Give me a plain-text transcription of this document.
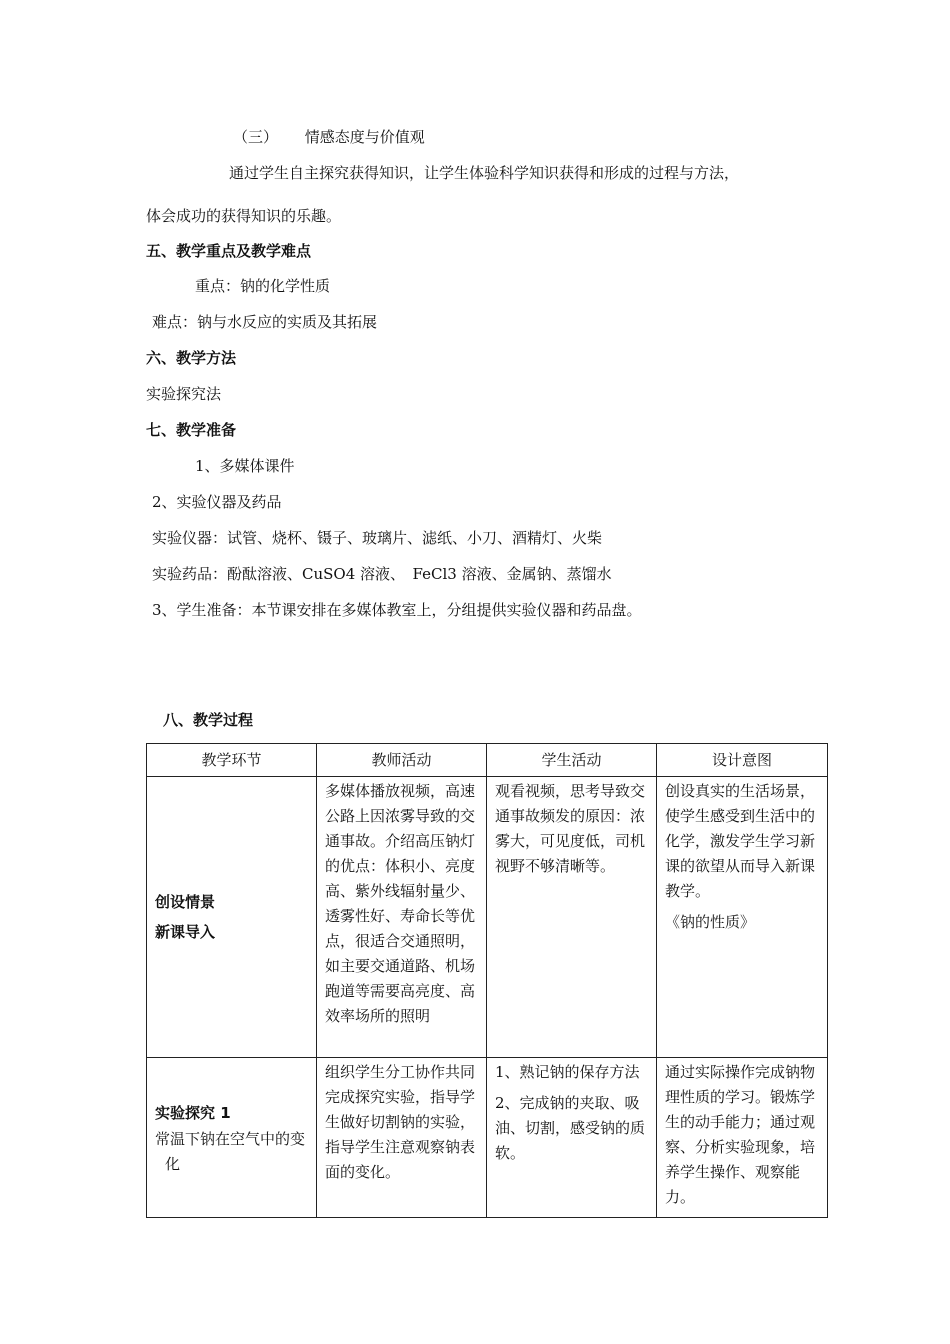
（三） 情感态度与价值观
通过学生自主探究获得知识，让学生体验科学知识获得和形成的过程与方法，
体会成功的获得知识的乐趣。
五、教学重点及教学难点
重点：钠的化学性质
难点：钠与水反应的实质及其拓展
六、教学方法
实验探究法
七、教学准备
1、多媒体课件
2、实验仪器及药品
实验仪器：试管、烧杯、镊子、玻璃片、滤纸、小刀、酒精灯、火柴
实验药品：酚酞溶液、CuSO4 溶液、　FeCl3 溶液、金属钠、蒸馏水
3、学生准备：本节课安排在多媒体教室上，分组提供实验仪器和药品盘。
八、教学过程
教学环节	教师活动	学生活动	设计意图

创设情景
新课导入	多媒体播放视频，高速公路上因浓雾导致的交通事故。介绍高压钠灯的优点：体积小、亮度高、紫外线辐射量少、透雾性好、寿命长等优点，很适合交通照明，如主要交通道路、机场跑道等需要高亮度、高效率场所的照明	观看视频，思考导致交通事故频发的原因：浓雾大，可见度低，司机视野不够清晰等。	创设真实的生活场景，使学生感受到生活中的化学，激发学生学习新课的欲望从而导入新课教学。
《钠的性质》

实验探究 1
常温下钠在空气中的变化	组织学生分工协作共同完成探究实验，指导学生做好切割钠的实验，指导学生注意观察钠表面的变化。	1、熟记钠的保存方法
2、完成钠的夹取、吸油、切割，感受钠的质软。	通过实际操作完成钠物理性质的学习。锻炼学生的动手能力；通过观察、分析实验现象，培养学生操作、观察能力。
